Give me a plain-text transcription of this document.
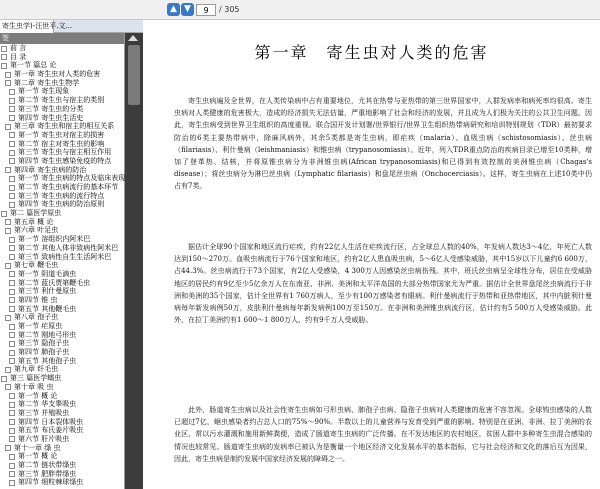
▲ ▼
9	/ 305
寄生虫学)-汪世平.文...
签
前 言
目 录
第一节 篇总 论
第一章 寄生虫对人类的危害
第二章 寄生虫生物学
第一节 寄生现象
第二节 寄生虫与宿主的类别
第三节 寄生虫的分类
第四节 寄生虫生活史
第三章 寄生虫和宿主的相互关系
第一节 寄生虫对宿主的损害
第二节 宿主对寄生虫的影响
第三节 寄生虫与宿主相互作用
第四节 寄生虫感染免疫的特点
第四章 寄生虫病的防治
第一节 寄生虫病的特点及临床表现
第二节 寄生虫病流行的基本环节
第三节 寄生虫病的流行特点
第四节 寄生虫病的防治原则
第二 篇医学原虫
第五章 概 论
第六章 叶足虫
第一节 溶组织内阿米巴
第二节 其他人体非致病性阿米巴
第三节 致病性自生生活阿米巴
第七章 鞭毛虫
第一节 阴道毛滴虫
第二节 蓝氏贾第鞭毛虫
第三节 利什曼原虫
第四节 锥 虫
第五节 其他鞭毛虫
第八章 孢子虫
第一节 疟原虫
第二节 刚地弓形虫
第三节 隐孢子虫
第四节 肺孢子虫
第五节 其他孢子虫
第九章 纤毛虫
第三 篇医学蠕虫
第十章 吸 虫
第一节 概 论
第二节 华支睾吸虫
第三节 并殖吸虫
第四节 日本裂体吸虫
第五节 布氏姜片吸虫
第六节 肝片吸虫
第十一章 绦 虫
第一节 概 论
第二节 链状带绦虫
第三节 肥胖带绦虫
第四节 细粒棘球绦虫
第一章　寄生虫对人类的危害

寄生虫病遍及全世界，在人类传染病中占有重要地位，尤其在热带与亚热带的第三世界国家中，人群发病率和病死率均很高。寄生虫病对人类健康的危害极大，造成的经济损失无法估量，严重地影响了社会和经济的发展，并且成为人们极为关注的公共卫生问题。因此，寄生虫病受到世界卫生组织的高度重视。联合国开发计划署/世界银行/世界卫生组织热带病研究和培训特别规划（TDR）最初要求防治的6类主要热带病中，除麻风病外，其余5类都是寄生虫病，即疟疾（malaria）、血吸虫病（schistosomiasis）、丝虫病（filariasis）、利什曼病（leishmaniasis）和锥虫病（trypanosomiasis）。近年，列入TDR重点防治的疾病目录已增至10类种，增加了登革热、结核，并将原锥虫病分为非洲锥虫病(African trypanosomiasis)和已得到有效控制的美洲锥虫病（Chagas's disease）；将丝虫病分为淋巴丝虫病（Lymphatic filariasis）和盘尾丝虫病（Onchocerciasis）。这样，寄生虫病在上述10类中仍占有7类。

据估计全球90个国家和地区流行疟疾，约有22亿人生活在疟疾流行区，占全球总人数的40%，年发病人数达3～4亿，年死亡人数达到150～270万。血吸虫病流行于76个国家和地区，约有2亿人患血吸虫病，5～6亿人受感染威胁，其中15岁以下儿童约6 600万，占44.3%。丝虫病流行于73个国家，有2亿人受感染，4 300万人因感染丝虫病伤残。其中，班氏丝虫病呈全球性分布，居住在受威胁地区的居民约有9亿至少5亿余万人在东南亚、非洲、美洲和太平洋岛国的大部分热带国家尤为严重。据估计全世界盘尾丝虫病流行于非洲和美洲的35个国家，估计全世界有1 760万病人，至少有100万感染者有眼病。利什曼病流行于热带和亚热带地区，其中内脏利什曼病每年新发病例50万，皮肤利什曼病每年新发病例100万至150万。在非洲和美洲锥虫病流行区，估计约有5 500万人受感染威胁。此外，在拉丁美洲约有1 600～1 800万人，约有9千万人受威胁。

此外，肠道寄生虫病以及社会性寄生虫病如弓形虫病、肺孢子虫病、隐孢子虫病对人类健康的危害不容忽视。全球钩虫感染的人数已超过7亿，蛔虫感染者约占总人口的75%～90%。半数以上的儿童营养与发育受到严重的影响。特别是在亚洲、非洲、拉丁美洲的农业区，常以污水灌溉和施用新鲜粪便，造成了肠道寄生虫病的广泛传播。在不发达地区的农村地区，贫困人群中多种寄生虫混合感染的情况也较常见。肠道寄生虫病的发病率已被认为是衡量一个地区经济文化发展水平的基本指标，它与社会经济和文化的落后互为因果，因此，寄生虫病是制约发展中国家经济发展的障碍之一。
